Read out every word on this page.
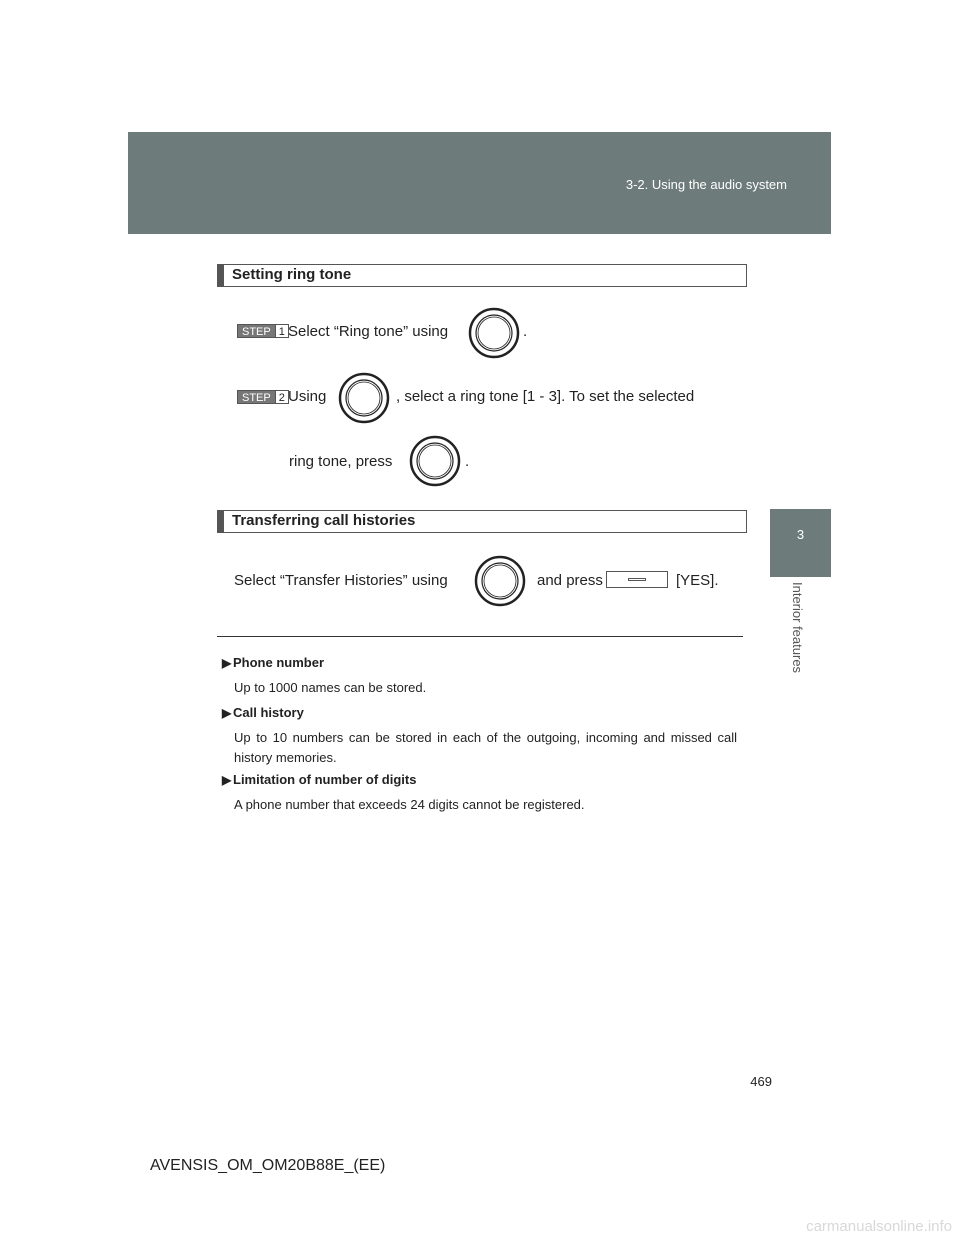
3-2. Using the audio system
3
Interior features
Setting ring tone
STEP 1 Select “Ring tone” using	.
STEP 2 Using	, select a ring tone [1 - 3]. To set the selected
ring tone, press	.
Transferring call histories
Select “Transfer Histories” using	and press	[YES].
▶ Phone number
Up to 1000 names can be stored.
▶ Call history
Up to 10 numbers can be stored in each of the outgoing, incoming and missed call history memories.
▶ Limitation of number of digits
A phone number that exceeds 24 digits cannot be registered.
469
AVENSIS_OM_OM20B88E_(EE)
carmanualsonline.info
